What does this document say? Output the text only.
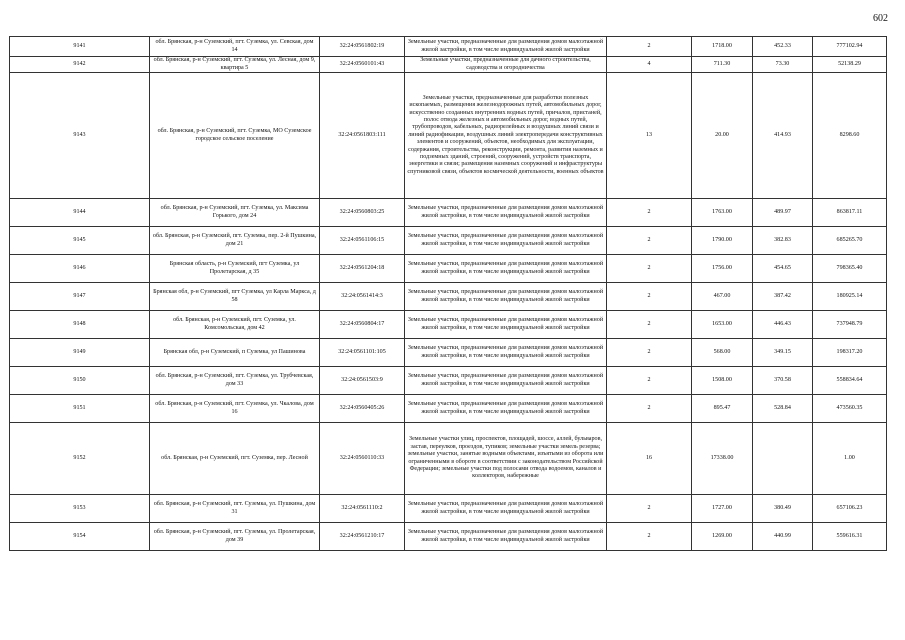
602
9141	обл. Брянская, р-н Суземский, пгт. Суземка, ул. Севская, дом 14	32:24:0561802:19	Земельные участки, предназначенные для размещения домов малоэтажной жилой застройки, в том числе индивидуальной жилой застройки	2	1718.00	452.33	777102.94
9142	обл. Брянская, р-н Суземский, пгт. Суземка, ул. Лесная, дом 9, квартира 5	32:24:0560101:43	Земельные участки, предназначенные для дачного строительства, садоводства и огородничества	4	711.30	73.30	52138.29
9143	обл. Брянская, р-н Суземский, пгт. Суземка, МО Суземское городское сельское поселение	32:24:0561803:111	Земельные участки, предназначенные для разработки полезных ископаемых, размещения железнодорожных путей, автомобильных дорог, искусственно созданных внутренних водных путей, причалов, пристаней, полос отвода железных и автомобильных дорог, водных путей, трубопроводов, кабельных, радиорелейных и воздушных линий связи и линий радиофикации, воздушных линий электропередачи конструктивных элементов и сооружений, объектов, необходимых для эксплуатации, содержания, строительства, реконструкции, ремонта, развития наземных и подземных зданий, строений, сооружений, устройств транспорта, энергетики и связи; размещения наземных сооружений и инфраструктуры спутниковой связи, объектов космической деятельности, военных объектов	13	20.00	414.93	8298.60
9144	обл. Брянская, р-н Суземский, пгт. Суземка, ул. Максима Горького, дом 24	32:24:0560803:25	Земельные участки, предназначенные для размещения домов малоэтажной жилой застройки, в том числе индивидуальной жилой застройки	2	1763.00	489.97	863817.11
9145	обл. Брянская, р-н Суземский, пгт. Суземка, пер. 2-й Пушкина, дом 21	32:24:0561106:15	Земельные участки, предназначенные для размещения домов малоэтажной жилой застройки, в том числе индивидуальной жилой застройки	2	1790.00	382.83	685265.70
9146	Брянская область, р-н Суземский, пгт Суземка, ул Пролетарская, д 35	32:24:0561204:18	Земельные участки, предназначенные для размещения домов малоэтажной жилой застройки, в том числе индивидуальной жилой застройки	2	1756.00	454.65	798365.40
9147	Брянская обл, р-н Суземский, пгт Суземка, ул Карла Маркса, д 58	32:24:0561414:3	Земельные участки, предназначенные для размещения домов малоэтажной жилой застройки, в том числе индивидуальной жилой застройки	2	467.00	387.42	180925.14
9148	обл. Брянская, р-н Суземский, пгт. Суземка, ул. Комсомольская, дом 42	32:24:0560804:17	Земельные участки, предназначенные для размещения домов малоэтажной жилой застройки, в том числе индивидуальной жилой застройки	2	1653.00	446.43	737948.79
9149	Брянская обл, р-н Суземский, п Суземка, ул Пашинова	32:24:0561101:105	Земельные участки, предназначенные для размещения домов малоэтажной жилой застройки, в том числе индивидуальной жилой застройки	2	568.00	349.15	198317.20
9150	обл. Брянская, р-н Суземский, пгт. Суземка, ул. Трубчевская, дом 33	32:24:0561503:9	Земельные участки, предназначенные для размещения домов малоэтажной жилой застройки, в том числе индивидуальной жилой застройки	2	1508.00	370.58	558834.64
9151	обл. Брянская, р-н Суземский, пгт. Суземка, ул. Чкалова, дом 16	32:24:0560405:26	Земельные участки, предназначенные для размещения домов малоэтажной жилой застройки, в том числе индивидуальной жилой застройки	2	895.47	528.84	473560.35
9152	обл. Брянская, р-н Суземский, пгт. Суземка, пер. Лесной	32:24:0560110:33	Земельные участки улиц, проспектов, площадей, шоссе, аллей, бульваров, застав, переулков, проездов, тупиков; земельные участки земель резерва; земельные участки, занятые водными объектами, изъятыми из оборота или ограниченными в обороте в соответствии с законодательством Российской Федерации; земельные участки под полосами отвода водоемов, каналов и коллекторов, набережные	16	17338.00		1.00
9153	обл. Брянская, р-н Суземский, пгт. Суземка, ул. Пушкина, дом 31	32:24:0561110:2	Земельные участки, предназначенные для размещения домов малоэтажной жилой застройки, в том числе индивидуальной жилой застройки	2	1727.00	380.49	657106.23
9154	обл. Брянская, р-н Суземский, пгт. Суземка, ул. Пролетарская, дом 39	32:24:0561210:17	Земельные участки, предназначенные для размещения домов малоэтажной жилой застройки, в том числе индивидуальной жилой застройки	2	1269.00	440.99	559616.31
